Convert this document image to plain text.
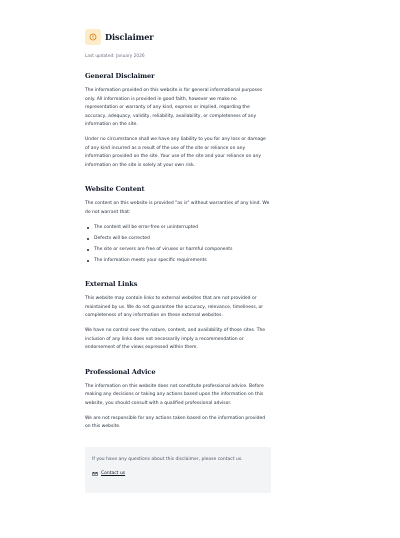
Disclaimer
Last updated: January 2026
General Disclaimer

The information provided on this website is for general informational purposes only. All information is provided in good faith, however we make no representation or warranty of any kind, express or implied, regarding the accuracy, adequacy, validity, reliability, availability, or completeness of any information on the site.

Under no circumstance shall we have any liability to you for any loss or damage of any kind incurred as a result of the use of the site or reliance on any information provided on the site. Your use of the site and your reliance on any information on the site is solely at your own risk.

Website Content

The content on this website is provided "as is" without warranties of any kind. We do not warrant that:

The content will be error-free or uninterrupted
Defects will be corrected
The site or servers are free of viruses or harmful components
The information meets your specific requirements
External Links

This website may contain links to external websites that are not provided or maintained by us. We do not guarantee the accuracy, relevance, timeliness, or completeness of any information on these external websites.

We have no control over the nature, content, and availability of those sites. The inclusion of any links does not necessarily imply a recommendation or endorsement of the views expressed within them.

Professional Advice

The information on this website does not constitute professional advice. Before making any decisions or taking any actions based upon the information on this website, you should consult with a qualified professional advisor.

We are not responsible for any actions taken based on the information provided on this website.

If you have any questions about this disclaimer, please contact us.
Contact us
